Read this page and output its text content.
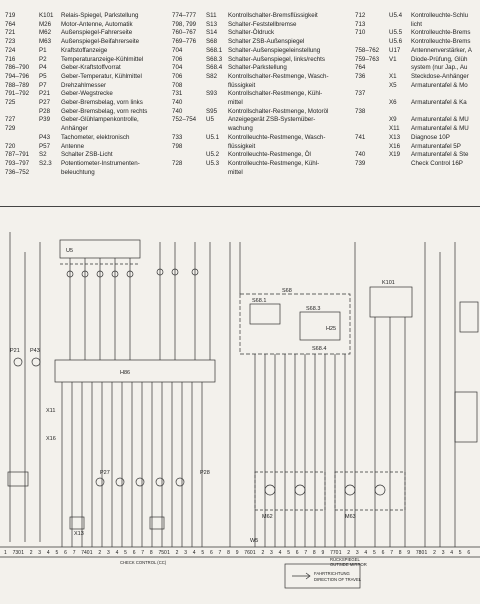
719	K101 Relais-Spiegel, Parkstellung
764	M26 Motor-Antenne, Automatik
721	M62 Außenspiegel-Fahrerseite
723	M63 Außenspiegel-Beifahrerseite
724	P1 Kraftstoffanzeige
716	P2 Temperaturanzeige-Kühlmittel
786–790 P4 Geber-Kraftstoffvorrat
794–796 P5 Geber-Temperatur, Kühlmittel
788–789 P7 Drehzahlmesser
791–792 P21 Geber-Wegstrecke
725	P27 Geber-Bremsbelag, vorn links
P28 Geber-Bremsbelag, vorn rechts
727	P39 Geber-Glühlampenkontrolle,
729	Anhänger
P43 Tachometer, elektronisch
720	P57 Antenne
787–791 S2 Schalter ZSB-Licht
793–797 S2.3 Potentiometer-Instrumenten-
736–752	beleuchtung
774–777 S11 Kontrollschalter-Bremsflüssigkeit
798, 799 S13 Schalter-Feststellbremse
760–767 S14 Schalter-Öldruck
769–776 S68 Schalter ZSB-Außenspiegel
704	S68.1 Schalter-Außenspiegeleinstellung
706	S68.3 Schalter-Außenspiegel, links/rechts
704	S68.4 Schalter-Parkstellung
706	S82 Kontrollschalter-Restmenge, Wasch-
708	flüssigkeit
731	S93 Kontrollschalter-Restmenge, Kühl-
740	mittel
740	S95 Kontrollschalter-Restmenge, Motoröl
752–754 U5 Anzeigegerät ZSB-Systemüber-
wachung
733	U5.1 Kontrolleuchte-Restmenge, Wasch-
798	flüssigkeit
U5.2 Kontrolleuchte-Restmenge, Öl
728	U5.3 Kontrolleuchte-Restmenge, Kühl-
mittel
712	U5.4 Kontrolleuchte-Schlu
713	licht
710	U5.5 Kontrolleuchte-Brems
U5.6 Kontrolleuchte-Brems
758–762 U17 Antennenverstärker, A
759–763 V1 Diode-Prüfung, Glüh
764	system (nur Jap., Au
736	X1 Steckdose-Anhänger
X5 Armaturentafel & Mo
737
X6 Armaturentafel & Ka
738
X9 Armaturentafel & MU
X11 Armaturentafel & MU
741	X13 Diagnose 10P
X16 Armaturentafel 5P
740	X19 Armaturentafel & Ste
739	Check Control 16P
U5
H86
K101
S68
S68.1
S68.3
S68.4
H25
M62	M63
P21 P43
P27	P28
X11
X16
X13
W5
1 730 1 2 3 4 5 6 7 740 1 2 3 4 5 6 7 8 750 1 2 3 4 5 6 7 8 9 760 1 2 3 4 5 6 7 8 9 770 1 2 3 4 5 6 7 8 9 780 1 2 3 4 5 6
CHECK CONTROL (CC)
RÜCKSPIEGEL
OUTSIDE MIRROR
FAHRTRICHTUNG
DIRECTION OF TRAVEL
